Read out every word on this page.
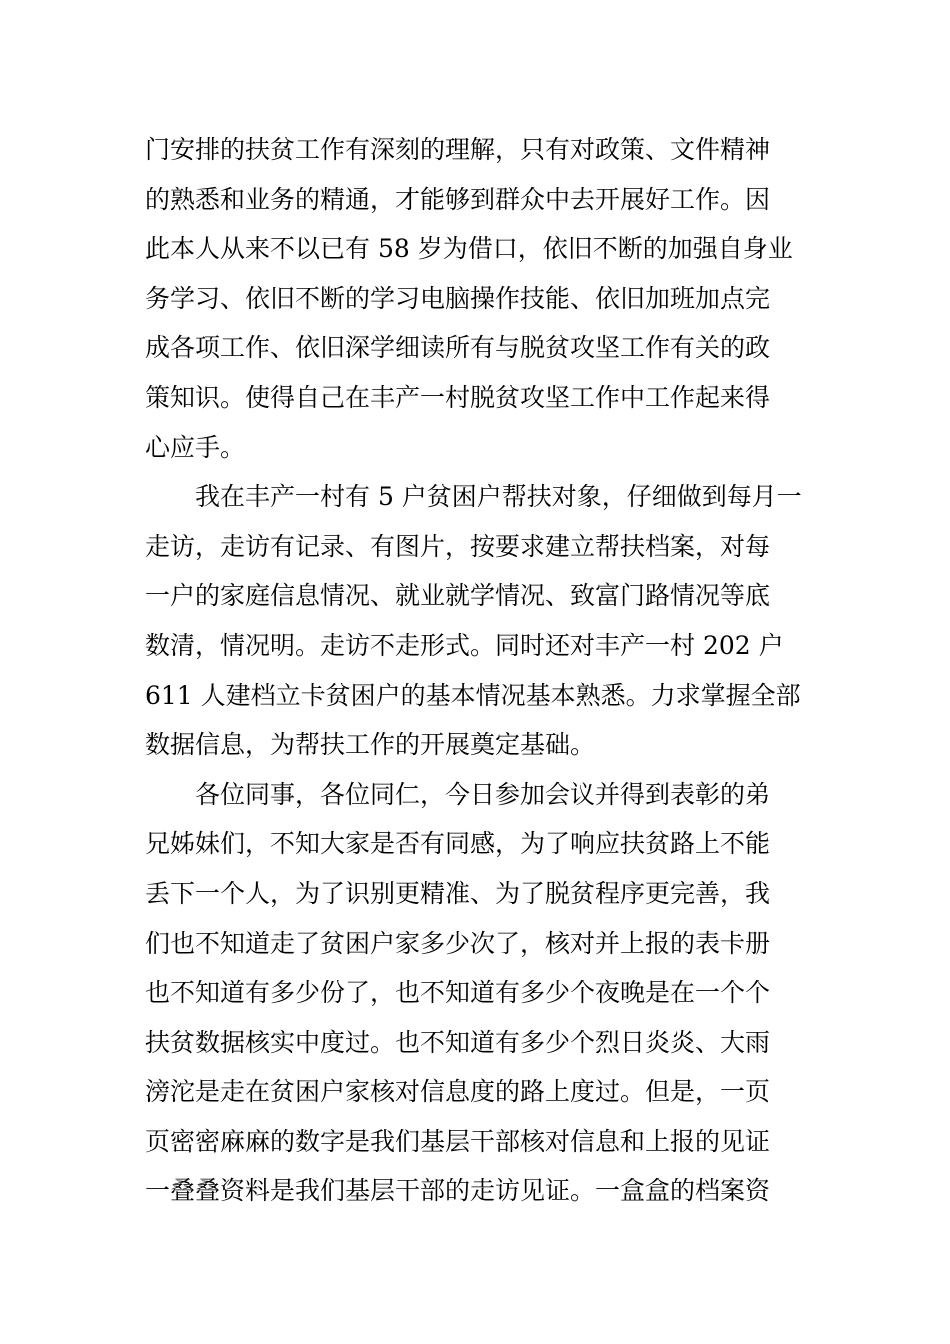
门安排的扶贫工作有深刻的理解，只有对政策、文件精神
的熟悉和业务的精通，才能够到群众中去开展好工作。因
此本人从来不以已有 58 岁为借口，依旧不断的加强自身业
务学习、依旧不断的学习电脑操作技能、依旧加班加点完
成各项工作、依旧深学细读所有与脱贫攻坚工作有关的政
策知识。使得自己在丰产一村脱贫攻坚工作中工作起来得
心应手。
我在丰产一村有 5 户贫困户帮扶对象，仔细做到每月一
走访，走访有记录、有图片，按要求建立帮扶档案，对每
一户的家庭信息情况、就业就学情况、致富门路情况等底
数清，情况明。走访不走形式。同时还对丰产一村 202 户
611 人建档立卡贫困户的基本情况基本熟悉。力求掌握全部
数据信息，为帮扶工作的开展奠定基础。
各位同事，各位同仁，今日参加会议并得到表彰的弟
兄姊妹们，不知大家是否有同感，为了响应扶贫路上不能
丢下一个人，为了识别更精准、为了脱贫程序更完善，我
们也不知道走了贫困户家多少次了，核对并上报的表卡册
也不知道有多少份了，也不知道有多少个夜晚是在一个个
扶贫数据核实中度过。也不知道有多少个烈日炎炎、大雨
滂沱是走在贫困户家核对信息度的路上度过。但是，一页
页密密麻麻的数字是我们基层干部核对信息和上报的见证
一叠叠资料是我们基层干部的走访见证。一盒盒的档案资
